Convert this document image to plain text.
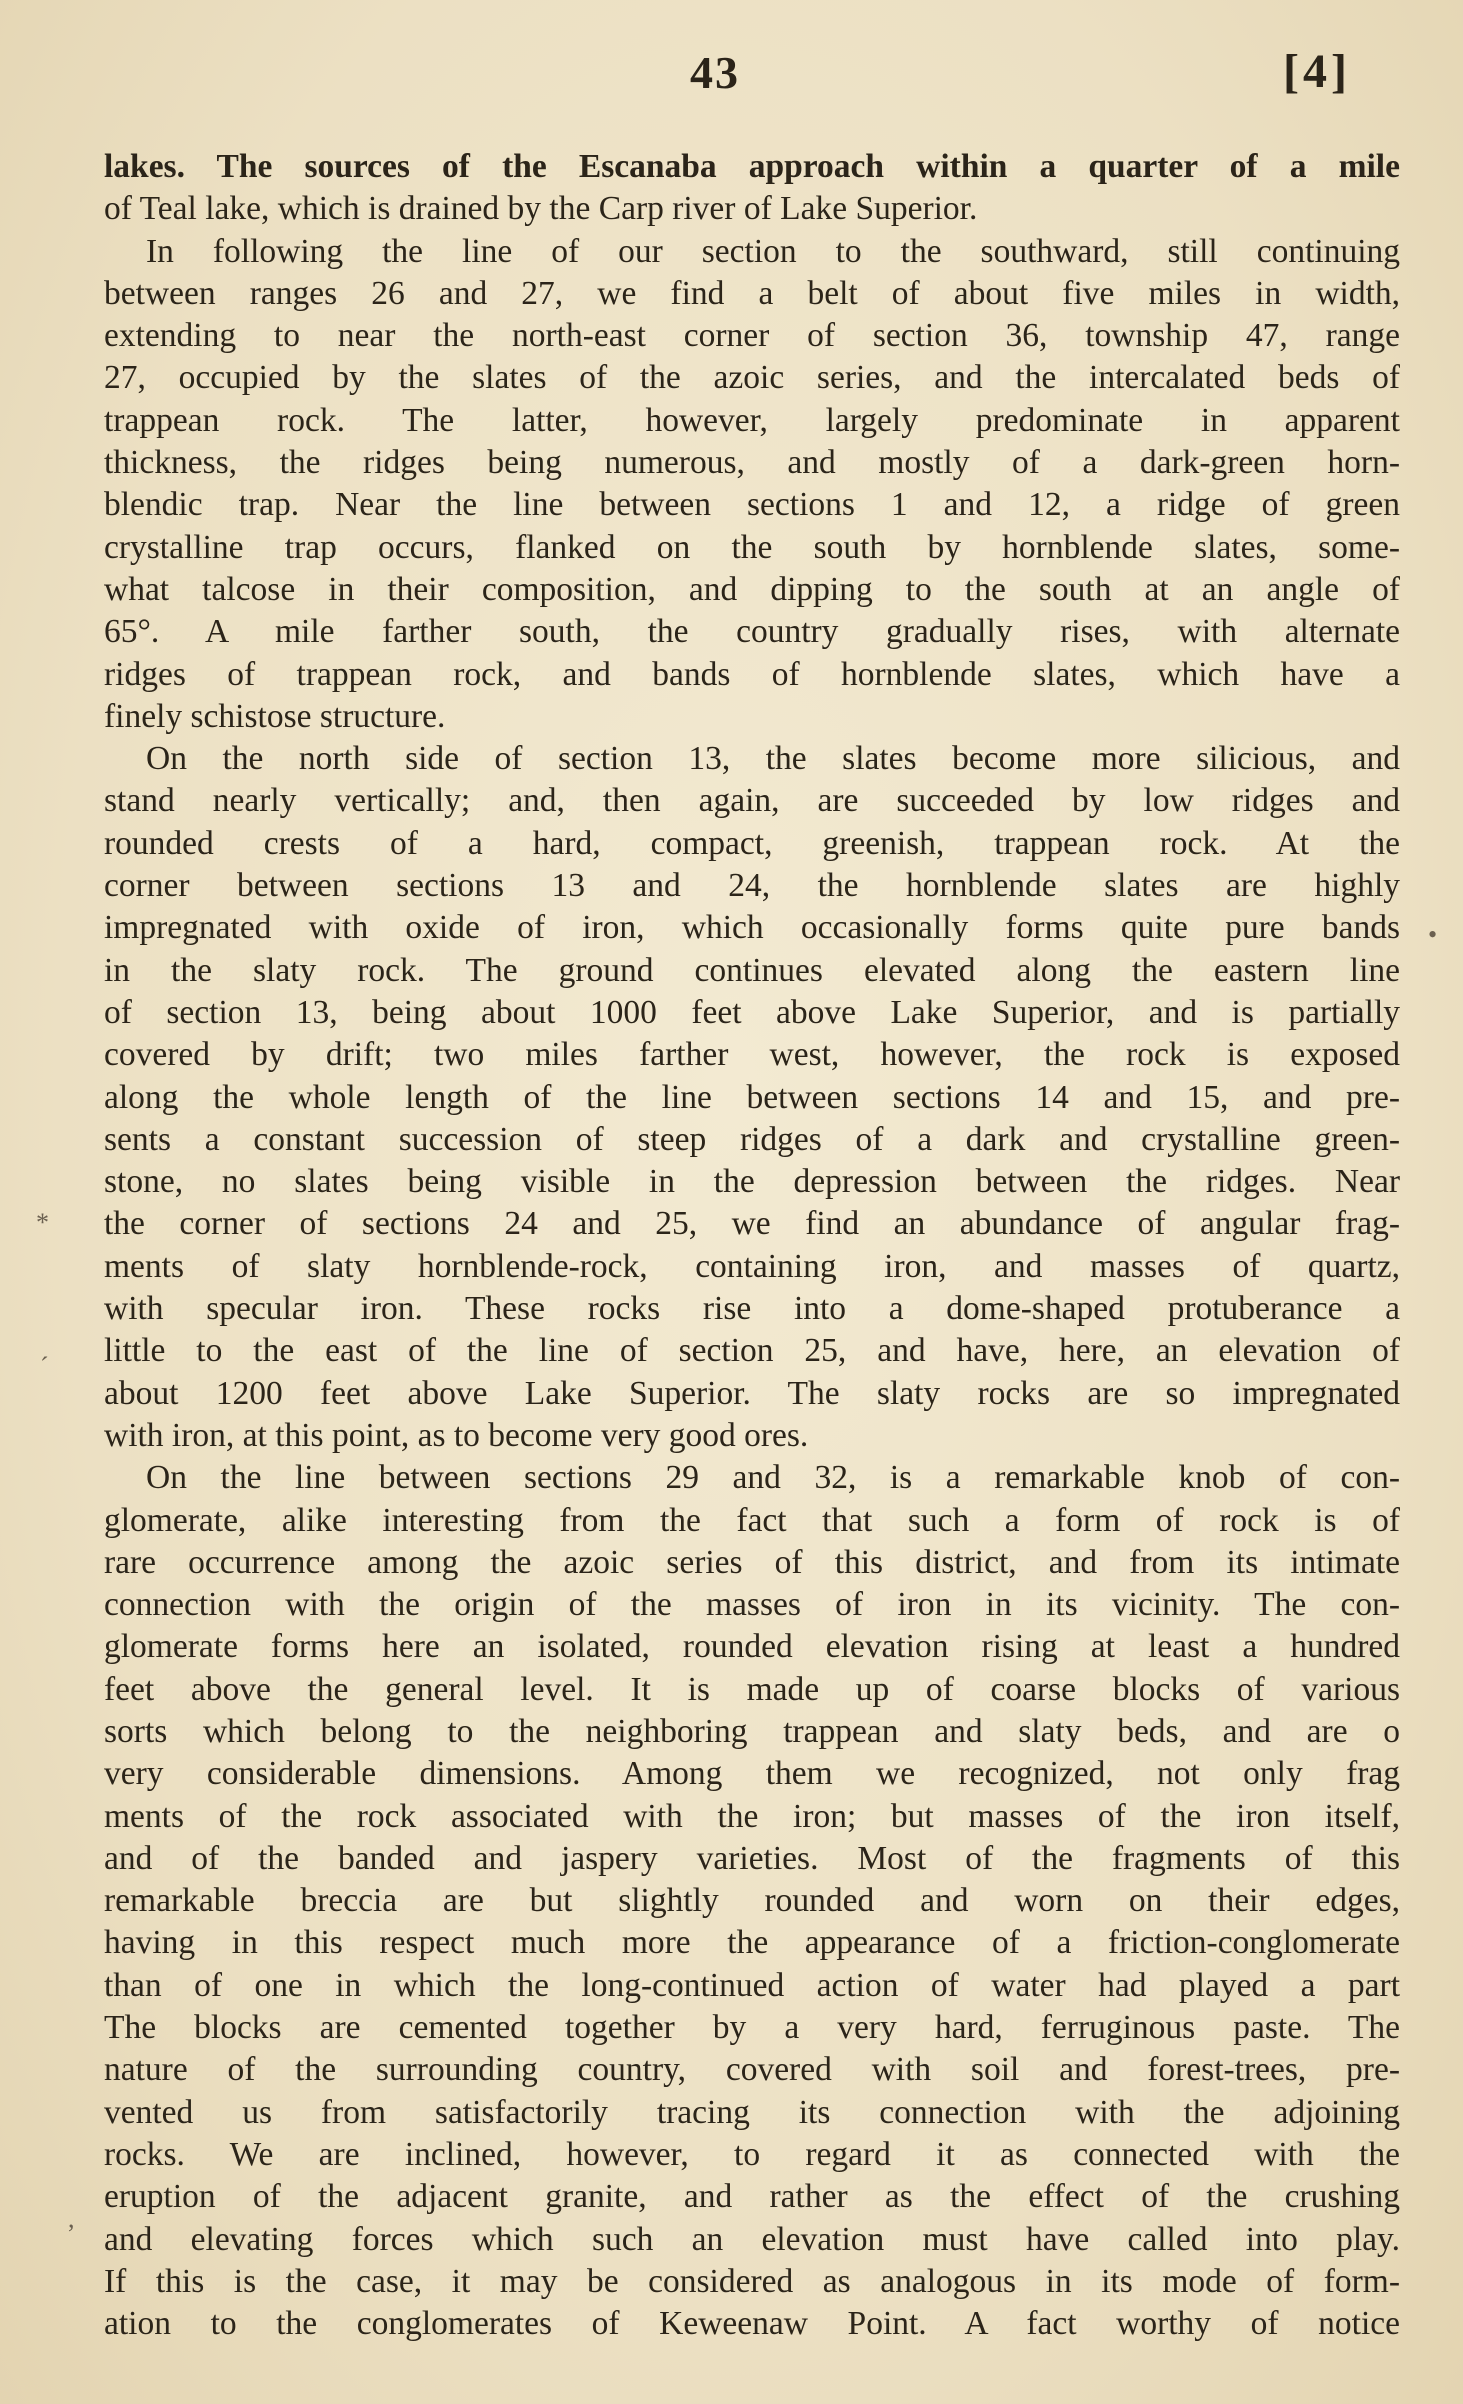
43	[4]
lakes. The sources of the Escanaba approach within a quarter of a mile
of Teal lake, which is drained by the Carp river of Lake Superior.
In following the line of our section to the southward, still continuing
between ranges 26 and 27, we find a belt of about five miles in width,
extending to near the north-east corner of section 36, township 47, range
27, occupied by the slates of the azoic series, and the intercalated beds of
trappean rock. The latter, however, largely predominate in apparent
thickness, the ridges being numerous, and mostly of a dark-green horn-
blendic trap. Near the line between sections 1 and 12, a ridge of green
crystalline trap occurs, flanked on the south by hornblende slates, some-
what talcose in their composition, and dipping to the south at an angle of
65°. A mile farther south, the country gradually rises, with alternate
ridges of trappean rock, and bands of hornblende slates, which have a
finely schistose structure.
On the north side of section 13, the slates become more silicious, and
stand nearly vertically; and, then again, are succeeded by low ridges and
rounded crests of a hard, compact, greenish, trappean rock. At the
corner between sections 13 and 24, the hornblende slates are highly
impregnated with oxide of iron, which occasionally forms quite pure bands
in the slaty rock. The ground continues elevated along the eastern line
of section 13, being about 1000 feet above Lake Superior, and is partially
covered by drift; two miles farther west, however, the rock is exposed
along the whole length of the line between sections 14 and 15, and pre-
sents a constant succession of steep ridges of a dark and crystalline green-
stone, no slates being visible in the depression between the ridges. Near
the corner of sections 24 and 25, we find an abundance of angular frag-
ments of slaty hornblende-rock, containing iron, and masses of quartz,
with specular iron. These rocks rise into a dome-shaped protuberance a
little to the east of the line of section 25, and have, here, an elevation of
about 1200 feet above Lake Superior. The slaty rocks are so impregnated
with iron, at this point, as to become very good ores.
On the line between sections 29 and 32, is a remarkable knob of con-
glomerate, alike interesting from the fact that such a form of rock is of
rare occurrence among the azoic series of this district, and from its intimate
connection with the origin of the masses of iron in its vicinity. The con-
glomerate forms here an isolated, rounded elevation rising at least a hundred
feet above the general level. It is made up of coarse blocks of various
sorts which belong to the neighboring trappean and slaty beds, and are o
very considerable dimensions. Among them we recognized, not only frag
ments of the rock associated with the iron; but masses of the iron itself,
and of the banded and jaspery varieties. Most of the fragments of this
remarkable breccia are but slightly rounded and worn on their edges,
having in this respect much more the appearance of a friction-conglomerate
than of one in which the long-continued action of water had played a part
The blocks are cemented together by a very hard, ferruginous paste. The
nature of the surrounding country, covered with soil and forest-trees, pre-
vented us from satisfactorily tracing its connection with the adjoining
rocks. We are inclined, however, to regard it as connected with the
eruption of the adjacent granite, and rather as the effect of the crushing
and elevating forces which such an elevation must have called into play.
If this is the case, it may be considered as analogous in its mode of form-
ation to the conglomerates of Keweenaw Point. A fact worthy of notice
•
*
´
,
